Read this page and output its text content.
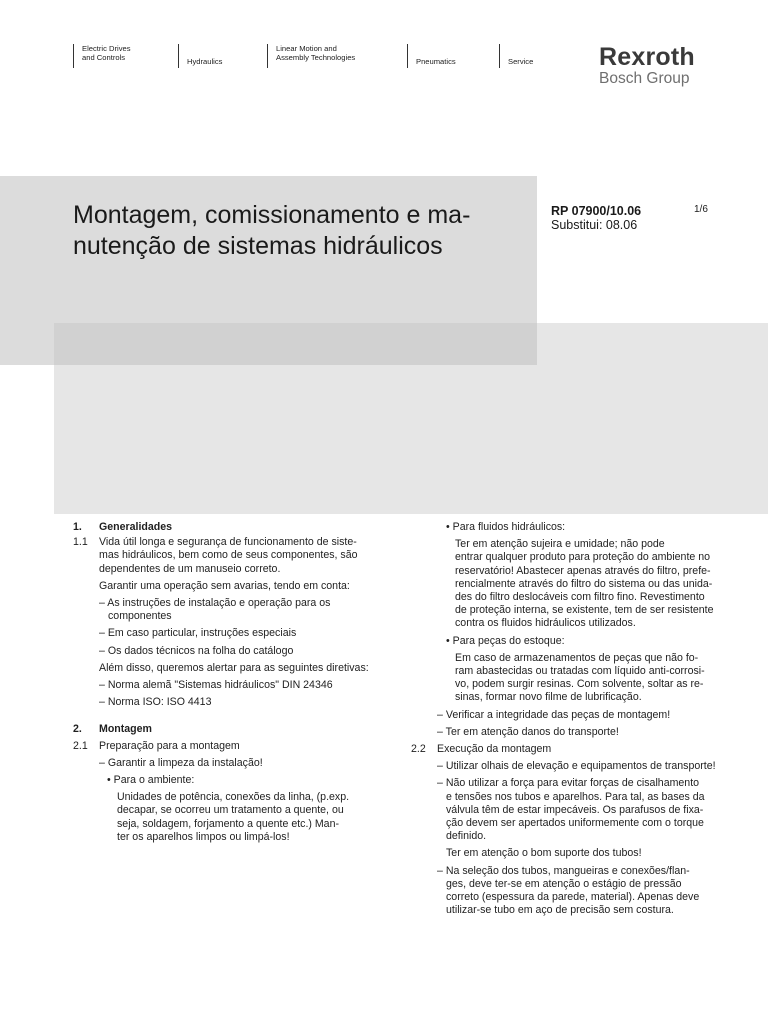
Electric Drives
and Controls	Hydraulics
Linear Motion and
Assembly Technologies	Pneumatics	Service	Rexroth
Bosch Group
Montagem, comissionamento e ma-
nutenção de sistemas hidráulicos
RP 07900/10.06
Substitui: 08.06
1/6
1. Generalidades
1.1 Vida útil longa e segurança de funcionamento de siste-
mas hidráulicos, bem como de seus componentes, são
dependentes de um manuseio correto.
Garantir uma operação sem avarias, tendo em conta:
– As instruções de instalação e operação para os
componentes
– Em caso particular, instruções especiais
– Os dados técnicos na folha do catálogo
Além disso, queremos alertar para as seguintes diretivas:
– Norma alemã "Sistemas hidráulicos" DIN 24346
– Norma ISO: ISO 4413
2. Montagem
2.1 Preparação para a montagem
– Garantir a limpeza da instalação!
• Para o ambiente:
Unidades de potência, conexões da linha, (p.exp.
decapar, se ocorreu um tratamento a quente, ou
seja, soldagem, forjamento a quente etc.) Man-
ter os aparelhos limpos ou limpá-los!
• Para fluidos hidráulicos:
Ter em atenção sujeira e umidade; não pode
entrar qualquer produto para proteção do ambiente no
reservatório! Abastecer apenas através do filtro, prefe-
rencialmente através do filtro do sistema ou das unida-
des do filtro deslocáveis com filtro fino. Revestimento
de proteção interna, se existente, tem de ser resistente
contra os fluidos hidráulicos utilizados.
• Para peças do estoque:
Em caso de armazenamentos de peças que não fo-
ram abastecidas ou tratadas com líquido anti-corrosi-
vo, podem surgir resinas. Com solvente, soltar as re-
sinas, formar novo filme de lubrificação.
– Verificar a integridade das peças de montagem!
– Ter em atenção danos do transporte!
2.2 Execução da montagem
– Utilizar olhais de elevação e equipamentos de transporte!
– Não utilizar a força para evitar forças de cisalhamento
e tensões nos tubos e aparelhos. Para tal, as bases da
válvula têm de estar impecáveis. Os parafusos de fixa-
ção devem ser apertados uniformemente com o torque
definido.
Ter em atenção o bom suporte dos tubos!
– Na seleção dos tubos, mangueiras e conexões/flan-
ges, deve ter-se em atenção o estágio de pressão
correto (espessura da parede, material). Apenas deve
utilizar-se tubo em aço de precisão sem costura.
